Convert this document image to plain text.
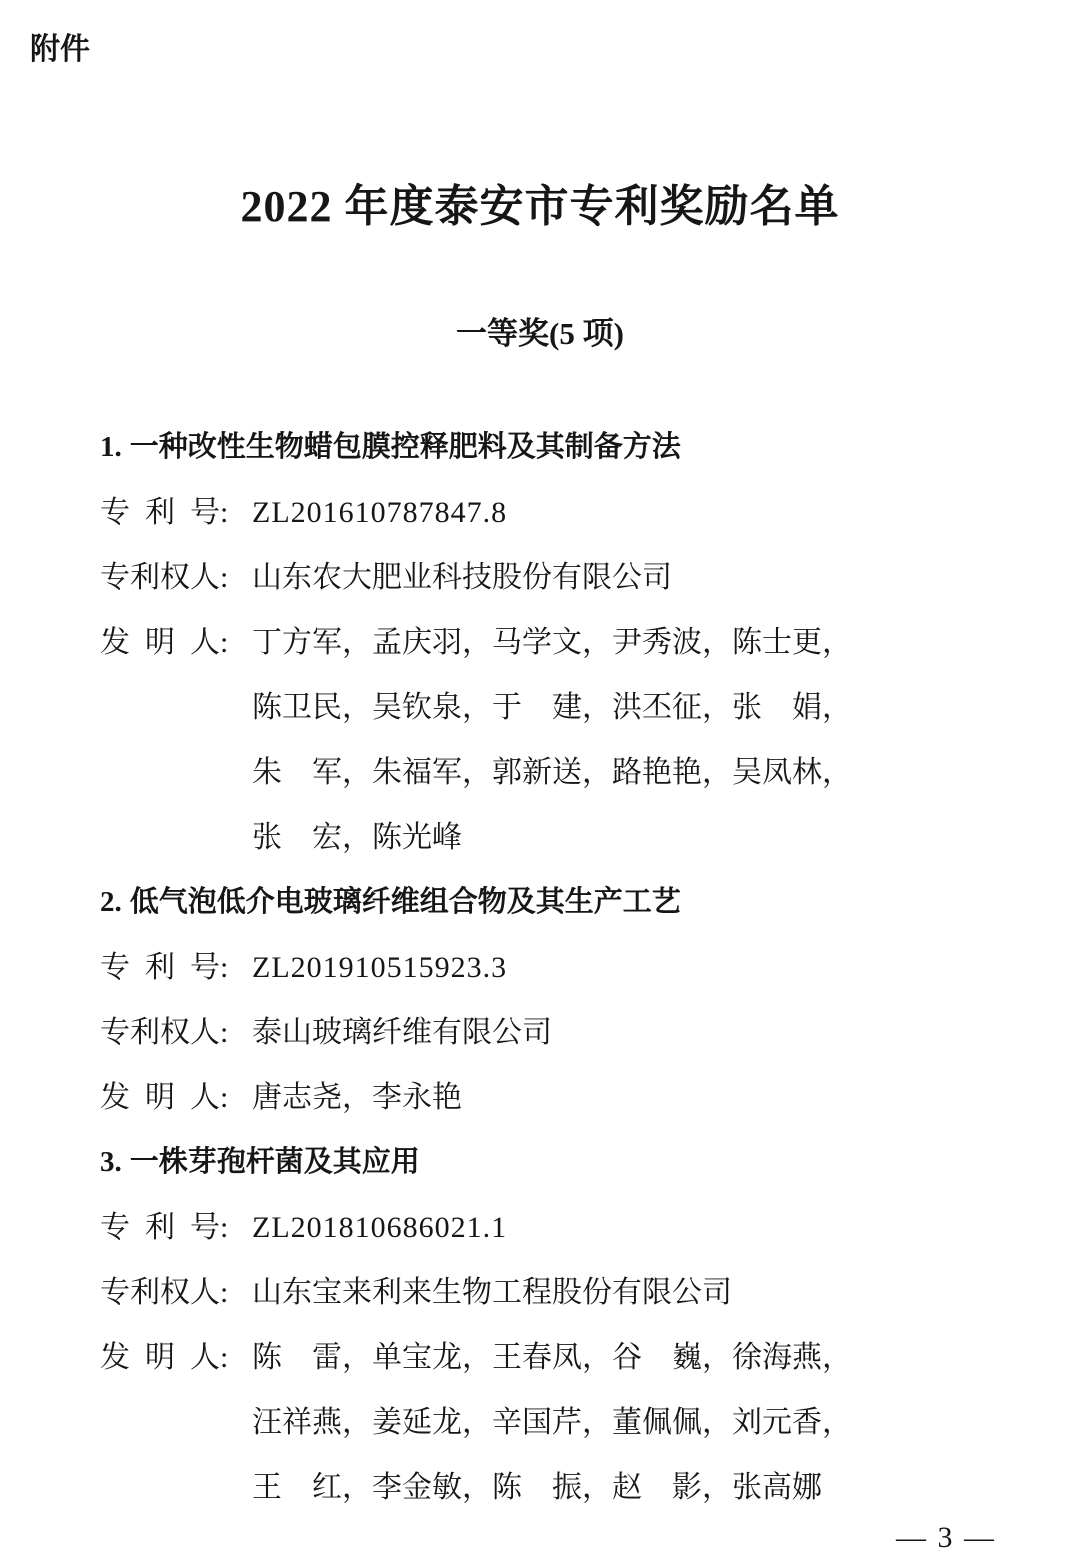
附件
2022 年度泰安市专利奖励名单
一等奖(5 项)
1. 一种改性生物蜡包膜控释肥料及其制备方法
专 利 号: ZL201610787847.8
专利权人: 山东农大肥业科技股份有限公司
发 明 人: 丁方军，孟庆羽，马学文，尹秀波，陈士更，
陈卫民，吴钦泉，于　建，洪丕征，张　娟，
朱　军，朱福军，郭新送，路艳艳，吴凤林，
张　宏，陈光峰
2. 低气泡低介电玻璃纤维组合物及其生产工艺
专 利 号: ZL201910515923.3
专利权人: 泰山玻璃纤维有限公司
发 明 人: 唐志尧，李永艳
3. 一株芽孢杆菌及其应用
专 利 号: ZL201810686021.1
专利权人: 山东宝来利来生物工程股份有限公司
发 明 人: 陈　雷，单宝龙，王春凤，谷　巍，徐海燕，
汪祥燕，姜延龙，辛国芹，董佩佩，刘元香，
王　红，李金敏，陈　振，赵　影，张高娜
— 3 —
